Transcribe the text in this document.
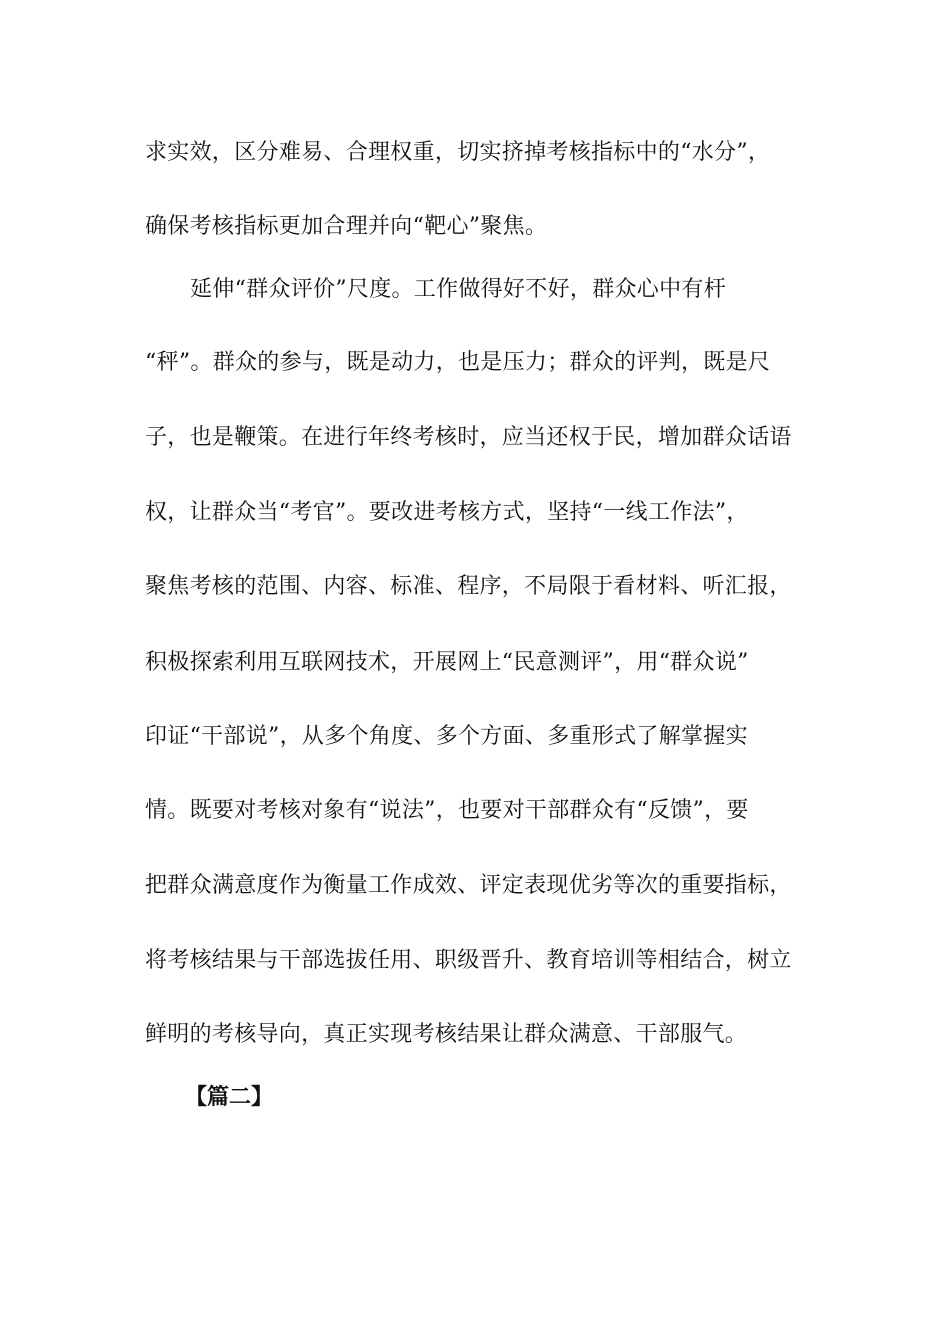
求实效，区分难易、合理权重，切实挤掉考核指标中的“水分”，
确保考核指标更加合理并向“靶心”聚焦。
延伸“群众评价”尺度。工作做得好不好，群众心中有杆
“秤”。群众的参与，既是动力，也是压力；群众的评判，既是尺
子，也是鞭策。在进行年终考核时，应当还权于民，增加群众话语
权，让群众当“考官”。要改进考核方式，坚持“一线工作法”，
聚焦考核的范围、内容、标准、程序，不局限于看材料、听汇报，
积极探索利用互联网技术，开展网上“民意测评”，用“群众说”
印证“干部说”，从多个角度、多个方面、多重形式了解掌握实
情。既要对考核对象有“说法”，也要对干部群众有“反馈”，要
把群众满意度作为衡量工作成效、评定表现优劣等次的重要指标，
将考核结果与干部选拔任用、职级晋升、教育培训等相结合，树立
鲜明的考核导向，真正实现考核结果让群众满意、干部服气。
【篇二】
